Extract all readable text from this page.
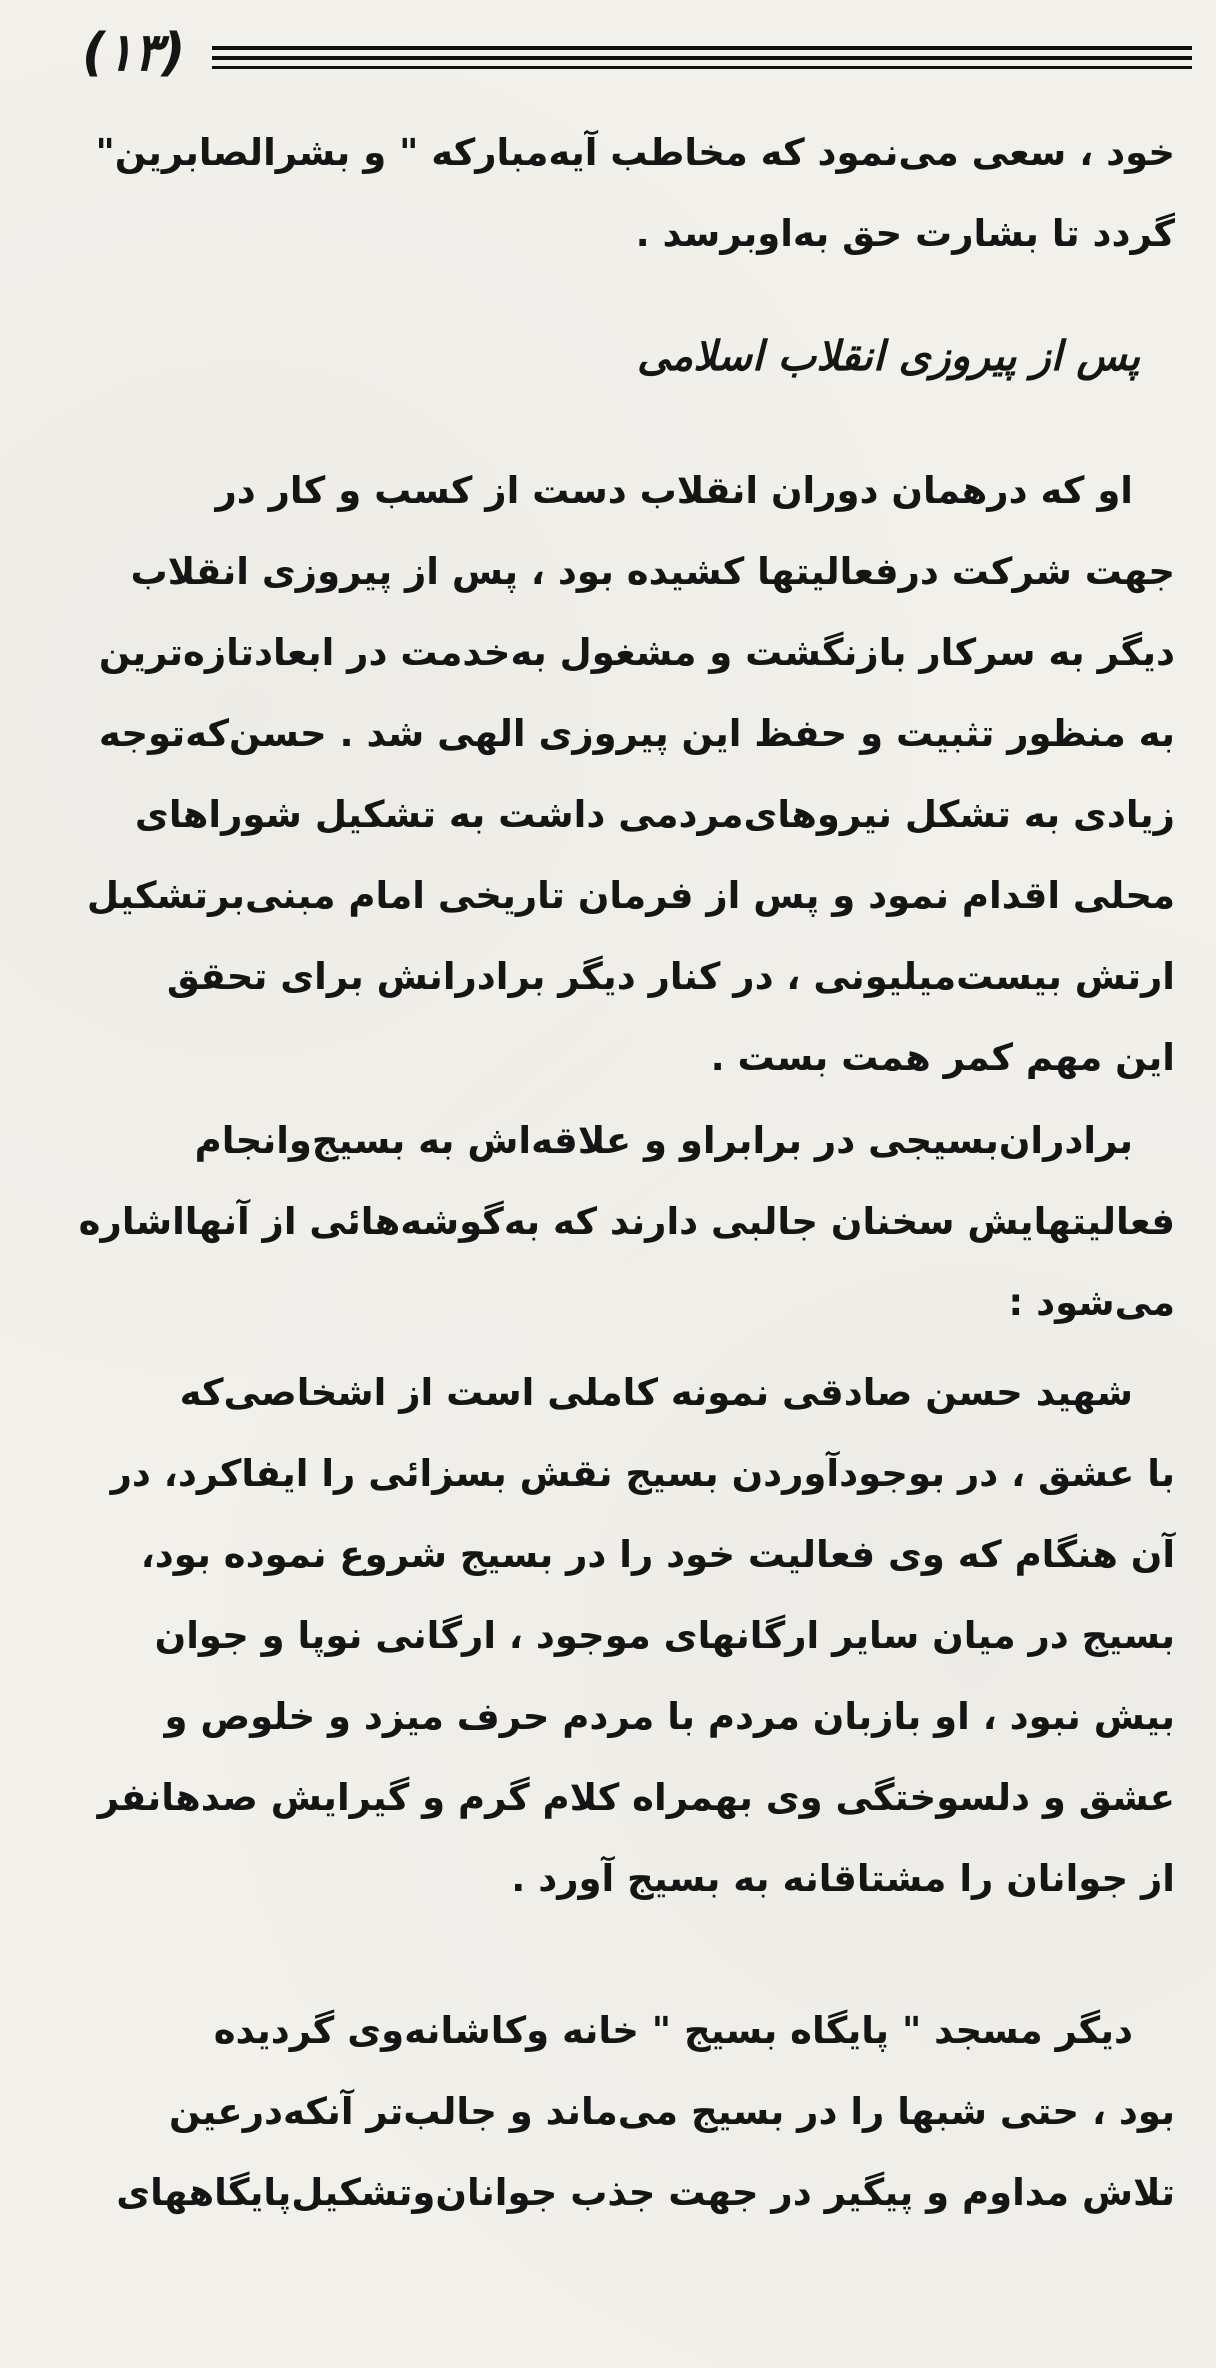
(۱۳)
خود ، سعی می‌نمود که مخاطب آیه‌مبارکه " و بشرالصابرین"
گردد تا بشارت حق به‌اوبرسد .
پس از پیروزی انقلاب اسلامی
او که درهمان دوران انقلاب دست از کسب و کار در
جهت شرکت درفعالیتها کشیده بود ، پس از پیروزی انقلاب
دیگر به سرکار بازنگشت و مشغول به‌خدمت در ابعادتازه‌ترین
به منظور تثبیت و حفظ این پیروزی الهی شد . حسن‌که‌توجه
زیادی به تشکل نیروهای‌مردمی داشت به تشکیل شوراهای
محلی اقدام نمود و پس از فرمان تاریخی امام مبنی‌برتشکیل
ارتش بیست‌میلیونی ، در کنار دیگر برادرانش برای تحقق
این مهم کمر همت بست .
برادران‌بسیجی در برابراو و علاقه‌اش به بسیج‌وانجام
فعالیتهایش سخنان جالبی دارند که به‌گوشه‌هائی از آنهااشاره
می‌شود :
شهید حسن صادقی نمونه کاملی است از اشخاصی‌که
با عشق ، در بوجودآوردن بسیج نقش بسزائی را ایفاکرد، در
آن هنگام که وی فعالیت خود را در بسیج شروع نموده بود،
بسیج در میان سایر ارگانهای موجود ، ارگانی نوپا و جوان
بیش نبود ، او بازبان مردم با مردم حرف میزد و خلوص و
عشق و دلسوختگی وی بهمراه کلام گرم و گیرایش صدهانفر
از جوانان را مشتاقانه به بسیج آورد .
دیگر مسجد " پایگاه بسیج " خانه وکاشانه‌وی گردیده
بود ، حتی شبها را در بسیج می‌ماند و جالب‌تر آنکه‌درعین
تلاش مداوم و پیگیر در جهت جذب جوانان‌وتشکیل‌پایگاههای
